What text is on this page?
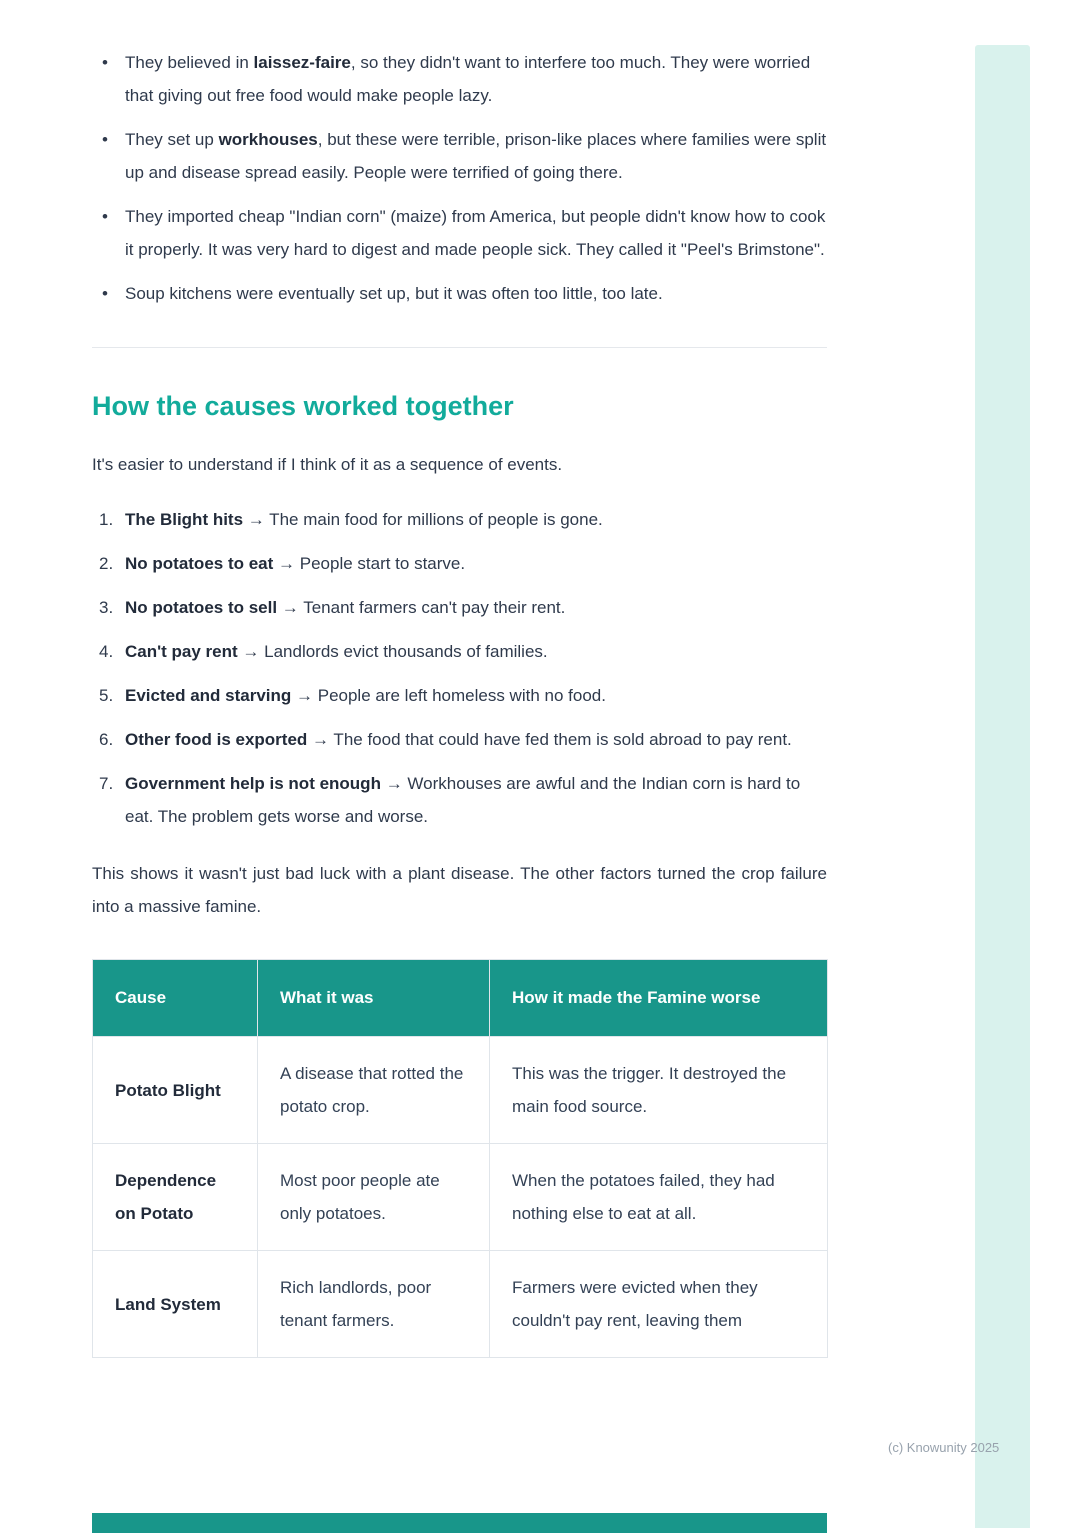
• They believed in laissez-faire, so they didn't want to interfere too much. They were worried that giving out free food would make people lazy.
• They set up workhouses, but these were terrible, prison-like places where families were split up and disease spread easily. People were terrified of going there.
• They imported cheap "Indian corn" (maize) from America, but people didn't know how to cook it properly. It was very hard to digest and made people sick. They called it "Peel's Brimstone".
• Soup kitchens were eventually set up, but it was often too little, too late.
How the causes worked together

It's easier to understand if I think of it as a sequence of events.

The Blight hits → The main food for millions of people is gone.
No potatoes to eat → People start to starve.
No potatoes to sell → Tenant farmers can't pay their rent.
Can't pay rent → Landlords evict thousands of families.
Evicted and starving → People are left homeless with no food.
Other food is exported → The food that could have fed them is sold abroad to pay rent.
Government help is not enough → Workhouses are awful and the Indian corn is hard to eat. The problem gets worse and worse.

This shows it wasn't just bad luck with a plant disease. The other factors turned the crop failure into a massive famine.

Cause	What it was	How it made the Famine worse
Potato Blight	A disease that rotted the potato crop.	This was the trigger. It destroyed the main food source.
Dependence on Potato	Most poor people ate only potatoes.	When the potatoes failed, they had nothing else to eat at all.
Land System	Rich landlords, poor tenant farmers.	Farmers were evicted when they couldn't pay rent, leaving them
(c) Knowunity 2025
